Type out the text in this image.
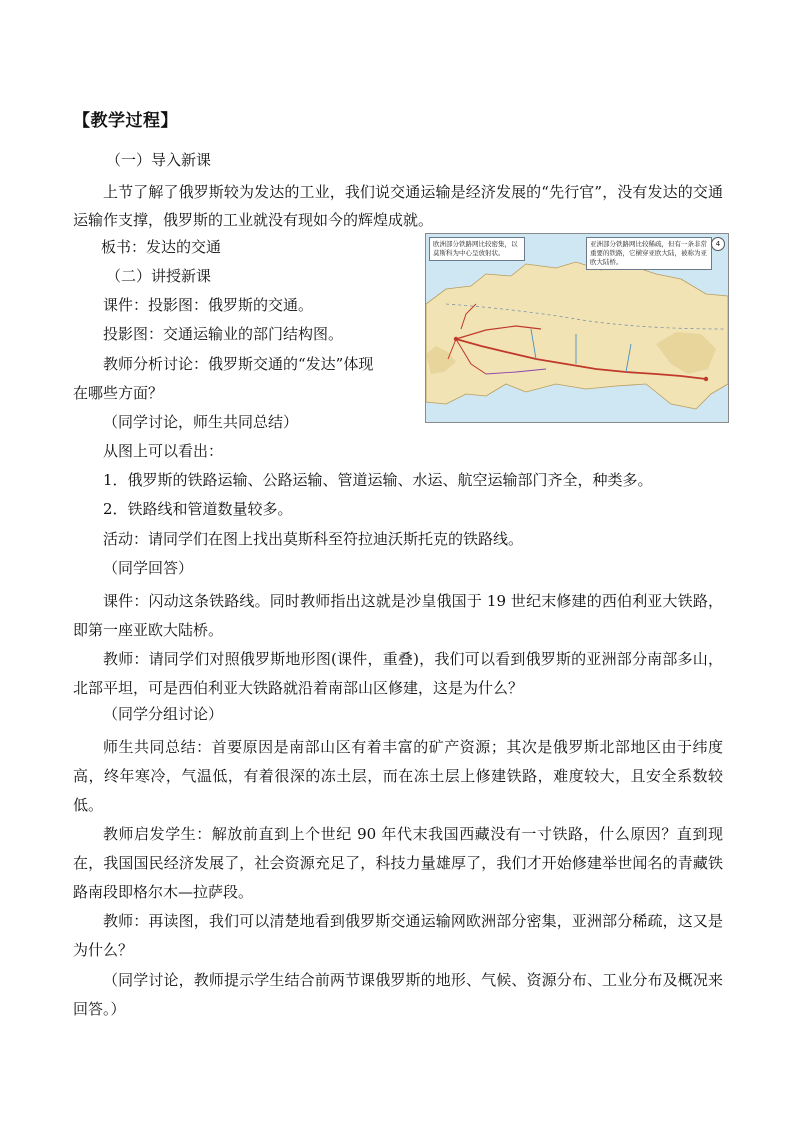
【教学过程】
（一）导入新课
上节了解了俄罗斯较为发达的工业，我们说交通运输是经济发展的“先行官”，没有发达的交通运输作支撑，俄罗斯的工业就没有现如今的辉煌成就。
板书：发达的交通
（二）讲授新课
课件：投影图：俄罗斯的交通。
投影图：交通运输业的部门结构图。
教师分析讨论：俄罗斯交通的“发达”体现
在哪些方面？
（同学讨论，师生共同总结）
从图上可以看出：
1．俄罗斯的铁路运输、公路运输、管道运输、水运、航空运输部门齐全，种类多。
2．铁路线和管道数量较多。
活动：请同学们在图上找出莫斯科至符拉迪沃斯托克的铁路线。
（同学回答）
课件：闪动这条铁路线。同时教师指出这就是沙皇俄国于 19 世纪末修建的西伯利亚大铁路，即第一座亚欧大陆桥。
教师：请同学们对照俄罗斯地形图(课件，重叠)，我们可以看到俄罗斯的亚洲部分南部多山，北部平坦，可是西伯利亚大铁路就沿着南部山区修建，这是为什么？
（同学分组讨论）
师生共同总结：首要原因是南部山区有着丰富的矿产资源；其次是俄罗斯北部地区由于纬度高，终年寒冷，气温低，有着很深的冻土层，而在冻土层上修建铁路，难度较大，且安全系数较低。
教师启发学生：解放前直到上个世纪 90 年代末我国西藏没有一寸铁路，什么原因？直到现在，我国国民经济发展了，社会资源充足了，科技力量雄厚了，我们才开始修建举世闻名的青藏铁路南段即格尔木—拉萨段。
教师：再读图，我们可以清楚地看到俄罗斯交通运输网欧洲部分密集，亚洲部分稀疏，这又是为什么？
（同学讨论，教师提示学生结合前两节课俄罗斯的地形、气候、资源分布、工业分布及概况来回答。）
欧洲部分铁路网比较密集，以莫斯科为中心呈放射状。
亚洲部分铁路网比较稀疏，但有一条非常重要的铁路，它横穿亚欧大陆，被称为亚欧大陆桥。
4
